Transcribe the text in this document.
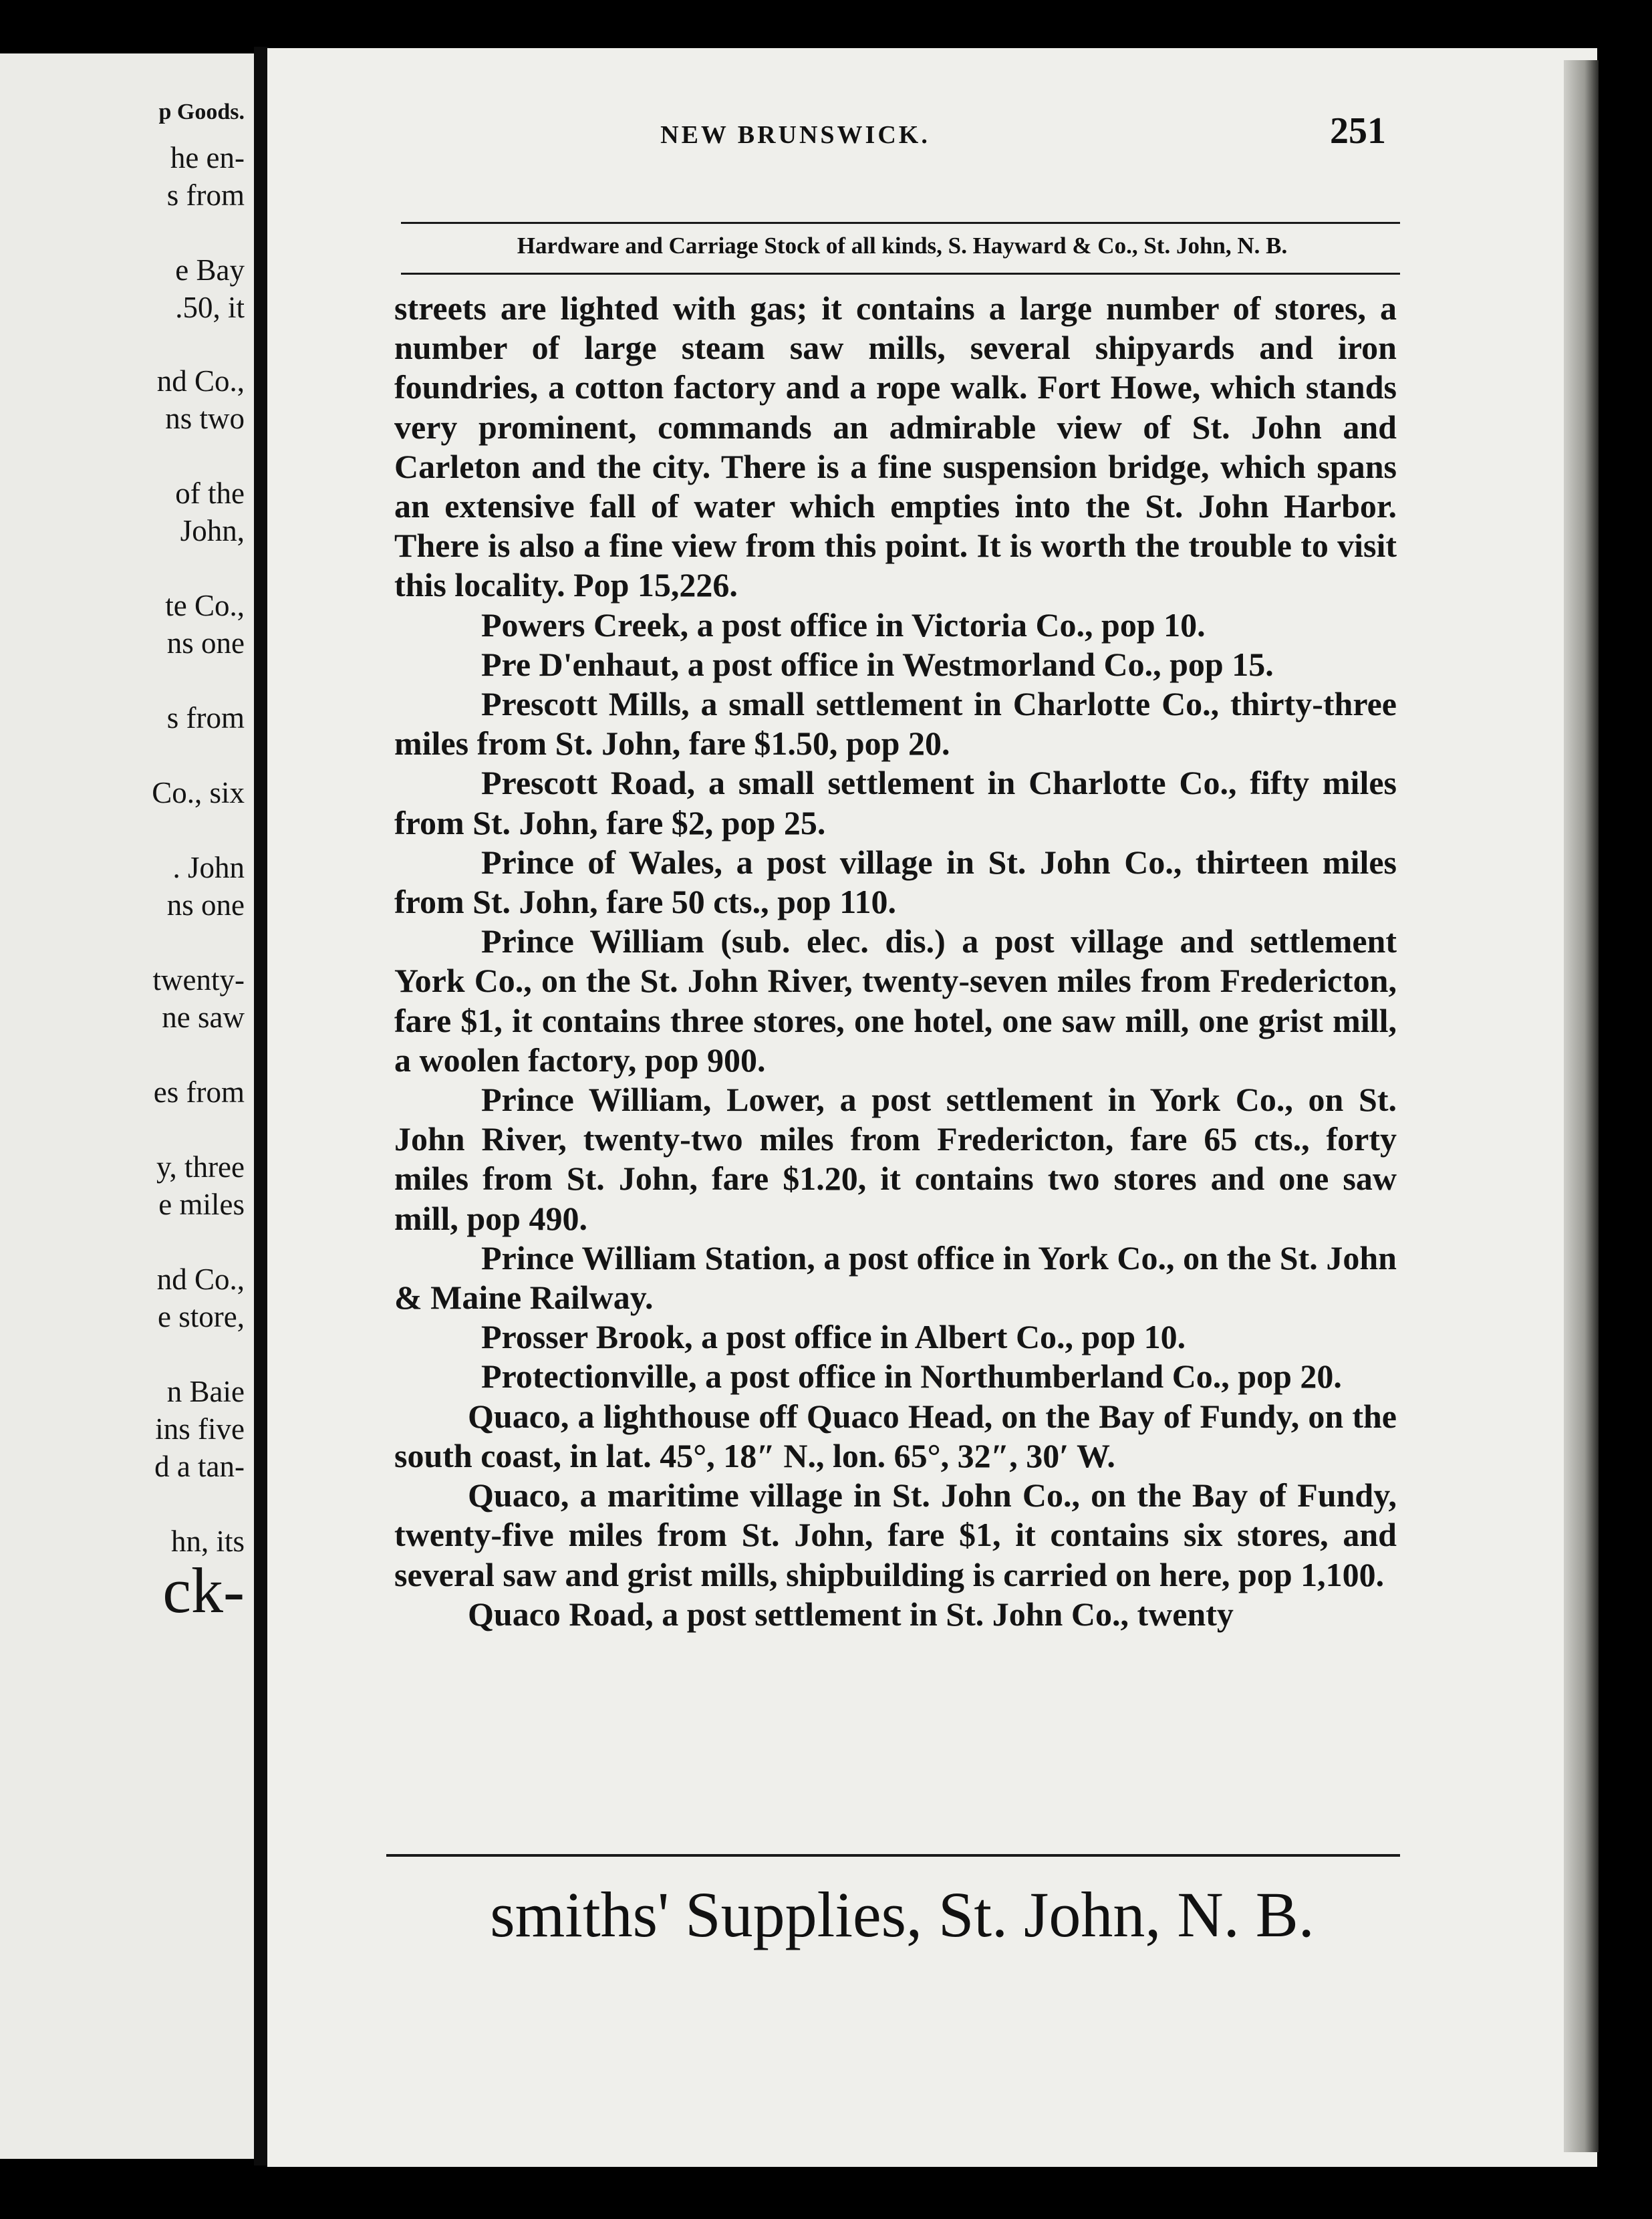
p Goods.
he en-
s from
e Bay
.50, it
nd Co.,
ns two
of the
John,
te Co.,
ns one
s from
Co., six
. John
ns one
twenty-
ne saw
es from
y, three
e miles
nd Co.,
e store,
n Baie
ins five
d a tan-
hn, its
ck-
NEW BRUNSWICK.	251
Hardware and Carriage Stock of all kinds, S. Hayward & Co., St. John, N. B.

streets are lighted with gas; it contains a large number of stores, a number of large steam saw mills, several shipyards and iron foundries, a cotton factory and a rope walk. Fort Howe, which stands very prominent, commands an admirable view of St. John and Carleton and the city. There is a fine suspension bridge, which spans an extensive fall of water which empties into the St. John Harbor. There is also a fine view from this point. It is worth the trouble to visit this locality. Pop 15,226.

Powers Creek, a post office in Victoria Co., pop 10.

Pre D'enhaut, a post office in Westmorland Co., pop 15.

Prescott Mills, a small settlement in Charlotte Co., thirty-three miles from St. John, fare $1.50, pop 20.

Prescott Road, a small settlement in Charlotte Co., fifty miles from St. John, fare $2, pop 25.

Prince of Wales, a post village in St. John Co., thirteen miles from St. John, fare 50 cts., pop 110.

Prince William (sub. elec. dis.) a post village and settlement York Co., on the St. John River, twenty-seven miles from Fredericton, fare $1, it contains three stores, one hotel, one saw mill, one grist mill, a woolen factory, pop 900.

Prince William, Lower, a post settlement in York Co., on St. John River, twenty-two miles from Fredericton, fare 65 cts., forty miles from St. John, fare $1.20, it contains two stores and one saw mill, pop 490.

Prince William Station, a post office in York Co., on the St. John & Maine Railway.

Prosser Brook, a post office in Albert Co., pop 10.

Protectionville, a post office in Northumberland Co., pop 20.

Quaco, a lighthouse off Quaco Head, on the Bay of Fundy, on the south coast, in lat. 45°, 18″ N., lon. 65°, 32″, 30′ W.

Quaco, a maritime village in St. John Co., on the Bay of Fundy, twenty-five miles from St. John, fare $1, it contains six stores, and several saw and grist mills, shipbuilding is carried on here, pop 1,100.

Quaco Road, a post settlement in St. John Co., twenty

smiths' Supplies, St. John, N. B.
